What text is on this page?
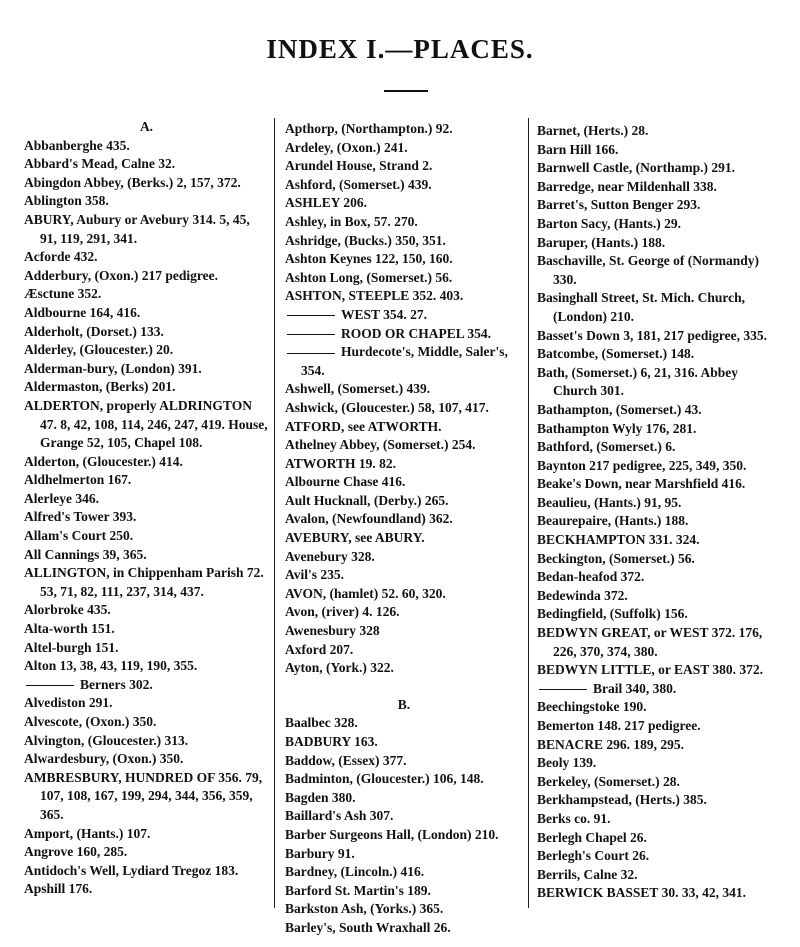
INDEX I.—PLACES.
A.
Abbanberghe 435.
Abbard's Mead, Calne 32.
Abingdon Abbey, (Berks.) 2, 157, 372.
Ablington 358.
ABURY, Aubury or Avebury 314. 5, 45, 91, 119, 291, 341.
Acforde 432.
Adderbury, (Oxon.) 217 pedigree.
Æsctune 352.
Aldbourne 164, 416.
Alderholt, (Dorset.) 133.
Alderley, (Gloucester.) 20.
Alderman-bury, (London) 391.
Aldermaston, (Berks) 201.
ALDERTON, properly ALDRINGTON 47. 8, 42, 108, 114, 246, 247, 419. House, Grange 52, 105, Chapel 108.
Alderton, (Gloucester.) 414.
Aldhelmerton 167.
Alerleye 346.
Alfred's Tower 393.
Allam's Court 250.
All Cannings 39, 365.
ALLINGTON, in Chippenham Parish 72. 53, 71, 82, 111, 237, 314, 437.
Alorbroke 435.
Alta-worth 151.
Altel-burgh 151.
Alton 13, 38, 43, 119, 190, 355.
Berners 302.
Alvediston 291.
Alvescote, (Oxon.) 350.
Alvington, (Gloucester.) 313.
Alwardesbury, (Oxon.) 350.
AMBRESBURY, HUNDRED OF 356. 79, 107, 108, 167, 199, 294, 344, 356, 359, 365.
Amport, (Hants.) 107.
Angrove 160, 285.
Antidoch's Well, Lydiard Tregoz 183.
Apshill 176.
Apthorp, (Northampton.) 92.
Ardeley, (Oxon.) 241.
Arundel House, Strand 2.
Ashford, (Somerset.) 439.
ASHLEY 206.
Ashley, in Box, 57. 270.
Ashridge, (Bucks.) 350, 351.
Ashton Keynes 122, 150, 160.
Ashton Long, (Somerset.) 56.
ASHTON, STEEPLE 352. 403.
WEST 354. 27.
ROOD OR CHAPEL 354.
Hurdecote's, Middle, Saler's, 354.
Ashwell, (Somerset.) 439.
Ashwick, (Gloucester.) 58, 107, 417.
ATFORD, see ATWORTH.
Athelney Abbey, (Somerset.) 254.
ATWORTH 19. 82.
Albourne Chase 416.
Ault Hucknall, (Derby.) 265.
Avalon, (Newfoundland) 362.
AVEBURY, see ABURY.
Avenebury 328.
Avil's 235.
AVON, (hamlet) 52. 60, 320.
Avon, (river) 4. 126.
Awenesbury 328
Axford 207.
Ayton, (York.) 322.
B.
Baalbec 328.
BADBURY 163.
Baddow, (Essex) 377.
Badminton, (Gloucester.) 106, 148.
Bagden 380.
Baillard's Ash 307.
Barber Surgeons Hall, (London) 210.
Barbury 91.
Bardney, (Lincoln.) 416.
Barford St. Martin's 189.
Barkston Ash, (Yorks.) 365.
Barley's, South Wraxhall 26.
Barnet, (Herts.) 28.
Barn Hill 166.
Barnwell Castle, (Northamp.) 291.
Barredge, near Mildenhall 338.
Barret's, Sutton Benger 293.
Barton Sacy, (Hants.) 29.
Baruper, (Hants.) 188.
Baschaville, St. George of (Normandy) 330.
Basinghall Street, St. Mich. Church, (London) 210.
Basset's Down 3, 181, 217 pedigree, 335.
Batcombe, (Somerset.) 148.
Bath, (Somerset.) 6, 21, 316. Abbey Church 301.
Bathampton, (Somerset.) 43.
Bathampton Wyly 176, 281.
Bathford, (Somerset.) 6.
Baynton 217 pedigree, 225, 349, 350.
Beake's Down, near Marshfield 416.
Beaulieu, (Hants.) 91, 95.
Beaurepaire, (Hants.) 188.
BECKHAMPTON 331. 324.
Beckington, (Somerset.) 56.
Bedan-heafod 372.
Bedewinda 372.
Bedingfield, (Suffolk) 156.
BEDWYN GREAT, or WEST 372. 176, 226, 370, 374, 380.
BEDWYN LITTLE, or EAST 380. 372.
Brail 340, 380.
Beechingstoke 190.
Bemerton 148. 217 pedigree.
BENACRE 296. 189, 295.
Beoly 139.
Berkeley, (Somerset.) 28.
Berkhampstead, (Herts.) 385.
Berks co. 91.
Berlegh Chapel 26.
Berlegh's Court 26.
Berrils, Calne 32.
BERWICK BASSET 30. 33, 42, 341.
